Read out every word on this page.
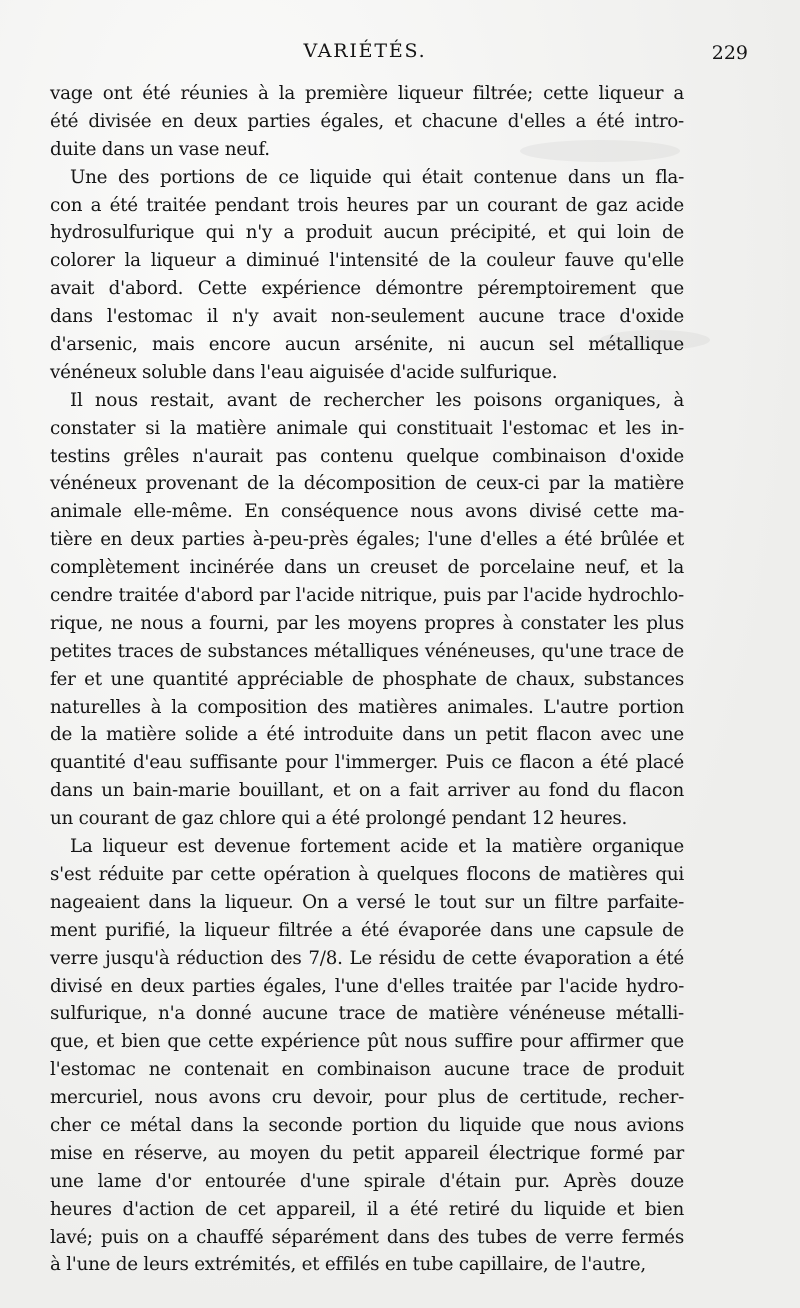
VARIÉTÉS.	229
vage ont été réunies à la première liqueur filtrée; cette liqueur a
été divisée en deux parties égales, et chacune d'elles a été intro-
duite dans un vase neuf.
Une des portions de ce liquide qui était contenue dans un fla-
con a été traitée pendant trois heures par un courant de gaz acide
hydrosulfurique qui n'y a produit aucun précipité, et qui loin de
colorer la liqueur a diminué l'intensité de la couleur fauve qu'elle
avait d'abord. Cette expérience démontre péremptoirement que
dans l'estomac il n'y avait non-seulement aucune trace d'oxide
d'arsenic, mais encore aucun arsénite, ni aucun sel métallique
vénéneux soluble dans l'eau aiguisée d'acide sulfurique.
Il nous restait, avant de rechercher les poisons organiques, à
constater si la matière animale qui constituait l'estomac et les in-
testins grêles n'aurait pas contenu quelque combinaison d'oxide
vénéneux provenant de la décomposition de ceux-ci par la matière
animale elle-même. En conséquence nous avons divisé cette ma-
tière en deux parties à-peu-près égales; l'une d'elles a été brûlée et
complètement incinérée dans un creuset de porcelaine neuf, et la
cendre traitée d'abord par l'acide nitrique, puis par l'acide hydrochlo-
rique, ne nous a fourni, par les moyens propres à constater les plus
petites traces de substances métalliques vénéneuses, qu'une trace de
fer et une quantité appréciable de phosphate de chaux, substances
naturelles à la composition des matières animales. L'autre portion
de la matière solide a été introduite dans un petit flacon avec une
quantité d'eau suffisante pour l'immerger. Puis ce flacon a été placé
dans un bain-marie bouillant, et on a fait arriver au fond du flacon
un courant de gaz chlore qui a été prolongé pendant 12 heures.
La liqueur est devenue fortement acide et la matière organique
s'est réduite par cette opération à quelques flocons de matières qui
nageaient dans la liqueur. On a versé le tout sur un filtre parfaite-
ment purifié, la liqueur filtrée a été évaporée dans une capsule de
verre jusqu'à réduction des 7/8. Le résidu de cette évaporation a été
divisé en deux parties égales, l'une d'elles traitée par l'acide hydro-
sulfurique, n'a donné aucune trace de matière vénéneuse métalli-
que, et bien que cette expérience pût nous suffire pour affirmer que
l'estomac ne contenait en combinaison aucune trace de produit
mercuriel, nous avons cru devoir, pour plus de certitude, recher-
cher ce métal dans la seconde portion du liquide que nous avions
mise en réserve, au moyen du petit appareil électrique formé par
une lame d'or entourée d'une spirale d'étain pur. Après douze
heures d'action de cet appareil, il a été retiré du liquide et bien
lavé; puis on a chauffé séparément dans des tubes de verre fermés
à l'une de leurs extrémités, et effilés en tube capillaire, de l'autre,
